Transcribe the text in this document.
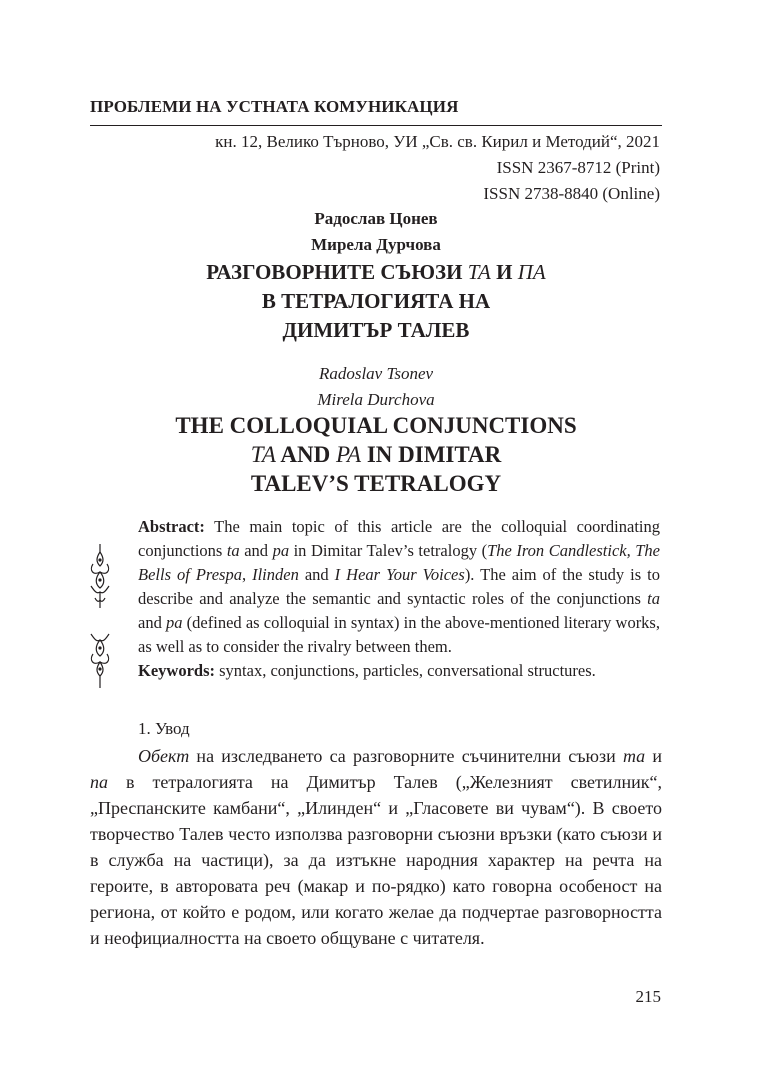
ПРОБЛЕМИ НА УСТНАТА КОМУНИКАЦИЯ
кн. 12, Велико Търново, УИ „Св. св. Кирил и Методий“, 2021
ISSN 2367-8712 (Print)
ISSN 2738-8840 (Online)
Радослав Цонев
Мирела Дурчова
РАЗГОВОРНИТЕ СЪЮЗИ ТА И ПА
В ТЕТРАЛОГИЯТА НА
ДИМИТЪР ТАЛЕВ
Radoslav Tsonev
Mirela Durchova
THE COLLOQUIAL CONJUNCTIONS
TA AND PA IN DIMITAR
TALEV’S TETRALOGY
Abstract: The main topic of this article are the colloquial coordinating conjunctions ta and pa in Dimitar Talev’s tetralogy (The Iron Candlestick, The Bells of Prespa, Ilinden and I Hear Your Voices). The aim of the study is to describe and analyze the semantic and syntactic roles of the conjunctions ta and pa (defined as colloquial in syntax) in the above-mentioned literary works, as well as to consider the rivalry between them.
Keywords: syntax, conjunctions, particles, conversational structures.
1. Увод
Обект на изследването са разговорните съчинителни съюзи та и па в тетралогията на Димитър Талев („Железният светилник“, „Преспанските камбани“, „Илинден“ и „Гласовете ви чувам“). В своето творчество Талев често използва разговорни съюзни връзки (като съюзи и в служба на частици), за да изтъкне народния характер на речта на героите, в авторовата реч (макар и по-рядко) като говорна особеност на региона, от който е родом, или когато желае да подчертае разговорността и неофициалността на своето общуване с читателя.
215
